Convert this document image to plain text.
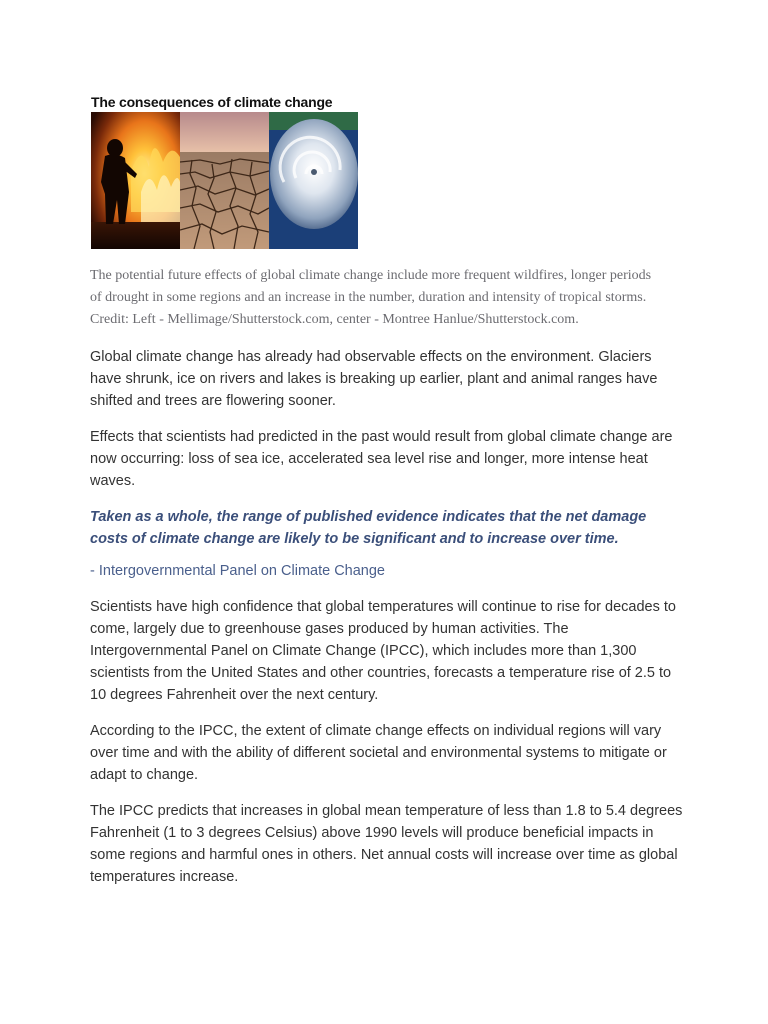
The consequences of climate change
The potential future effects of global climate change include more frequent wildfires, longer periods of drought in some regions and an increase in the number, duration and intensity of tropical storms. Credit: Left - Mellimage/Shutterstock.com, center - Montree Hanlue/Shutterstock.com.
Global climate change has already had observable effects on the environment. Glaciers have shrunk, ice on rivers and lakes is breaking up earlier, plant and animal ranges have shifted and trees are flowering sooner.
Effects that scientists had predicted in the past would result from global climate change are now occurring: loss of sea ice, accelerated sea level rise and longer, more intense heat waves.
Taken as a whole, the range of published evidence indicates that the net damage costs of climate change are likely to be significant and to increase over time.
- Intergovernmental Panel on Climate Change
Scientists have high confidence that global temperatures will continue to rise for decades to come, largely due to greenhouse gases produced by human activities. The Intergovernmental Panel on Climate Change (IPCC), which includes more than 1,300 scientists from the United States and other countries, forecasts a temperature rise of 2.5 to 10 degrees Fahrenheit over the next century.
According to the IPCC, the extent of climate change effects on individual regions will vary over time and with the ability of different societal and environmental systems to mitigate or adapt to change.
The IPCC predicts that increases in global mean temperature of less than 1.8 to 5.4 degrees Fahrenheit (1 to 3 degrees Celsius) above 1990 levels will produce beneficial impacts in some regions and harmful ones in others. Net annual costs will increase over time as global temperatures increase.
